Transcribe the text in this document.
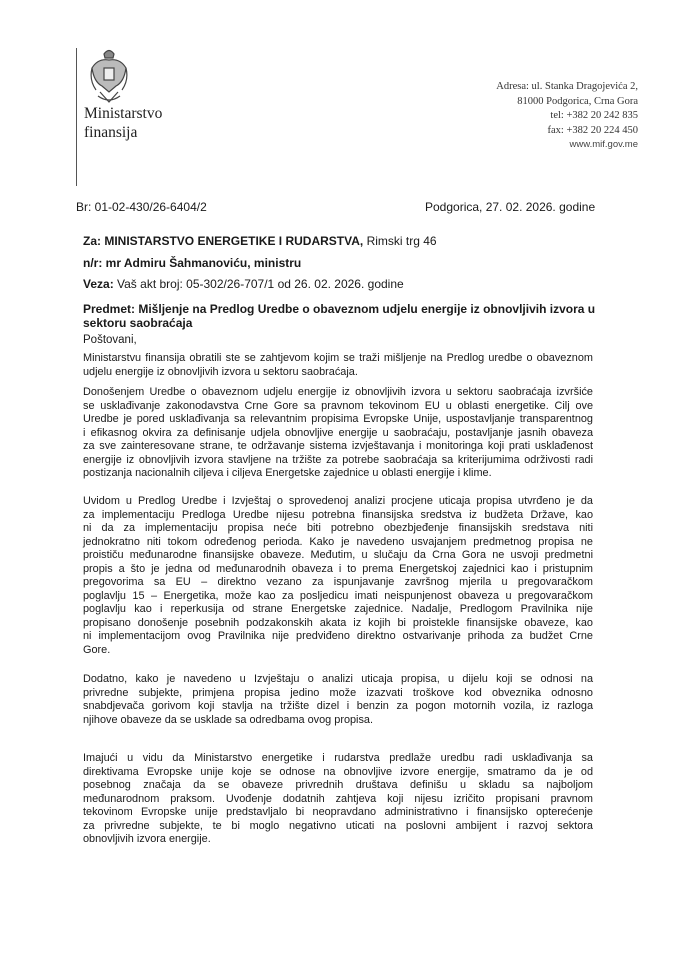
Ministarstvo
finansija
Adresa: ul. Stanka Dragojevića 2,
81000 Podgorica, Crna Gora
tel: +382 20 242 835
fax: +382 20 224 450
www.mif.gov.me
Br: 01-02-430/26-6404/2	Podgorica, 27. 02. 2026. godine
Za: MINISTARSTVO ENERGETIKE I RUDARSTVA, Rimski trg 46
n/r: mr Admiru Šahmanoviću, ministru
Veza: Vaš akt broj: 05-302/26-707/1 od 26. 02. 2026. godine
Predmet: Mišljenje na Predlog Uredbe o obaveznom udjelu energije iz obnovljivih izvora u
sektoru saobraćaja
Poštovani,
Ministarstvu finansija obratili ste se zahtjevom kojim se traži mišljenje na Predlog uredbe o obaveznom
udjelu energije iz obnovljivih izvora u sektoru saobraćaja.
Donošenjem Uredbe o obaveznom udjelu energije iz obnovljivih izvora u sektoru saobraćaja izvršiće
se usklađivanje zakonodavstva Crne Gore sa pravnom tekovinom EU u oblasti energetike. Cilj ove
Uredbe je pored usklađivanja sa relevantnim propisima Evropske Unije, uspostavljanje transparentnog
i efikasnog okvira za definisanje udjela obnovljive energije u saobraćaju, postavljanje jasnih obaveza
za sve zainteresovane strane, te održavanje sistema izvještavanja i monitoringa koji prati usklađenost
energije iz obnovljivih izvora stavljene na tržište za potrebe saobraćaja sa kriterijumima održivosti radi
postizanja nacionalnih ciljeva i ciljeva Energetske zajednice u oblasti energije i klime.
Uvidom u Predlog Uredbe i Izvještaj o sprovedenoj analizi procjene uticaja propisa utvrđeno je da
za implementaciju Predloga Uredbe nijesu potrebna finansijska sredstva iz budžeta Države, kao
ni da za implementaciju propisa neće biti potrebno obezbjeđenje finansijskih sredstava niti
jednokratno niti tokom određenog perioda. Kako je navedeno usvajanjem predmetnog propisa ne
proističu međunarodne finansijske obaveze. Međutim, u slučaju da Crna Gora ne usvoji predmetni
propis a što je jedna od međunarodnih obaveza i to prema Energetskoj zajednici kao i pristupnim
pregovorima sa EU – direktno vezano za ispunjavanje završnog mjerila u pregovaračkom
poglavlju 15 – Energetika, može kao za posljedicu imati neispunjenost obaveza u pregovaračkom
poglavlju kao i reperkusija od strane Energetske zajednice. Nadalje, Predlogom Pravilnika nije
propisano donošenje posebnih podzakonskih akata iz kojih bi proistekle finansijske obaveze, kao
ni implementacijom ovog Pravilnika nije predviđeno direktno ostvarivanje prihoda za budžet Crne
Gore.
Dodatno, kako je navedeno u Izvještaju o analizi uticaja propisa, u dijelu koji se odnosi na
privredne subjekte, primjena propisa jedino može izazvati troškove kod obveznika odnosno
snabdjevača gorivom koji stavlja na tržište dizel i benzin za pogon motornih vozila, iz razloga
njihove obaveze da se usklade sa odredbama ovog propisa.
Imajući u vidu da Ministarstvo energetike i rudarstva predlaže uredbu radi usklađivanja sa
direktivama Evropske unije koje se odnose na obnovljive izvore energije, smatramo da je od
posebnog značaja da se obaveze privrednih društava definišu u skladu sa najboljom
međunarodnom praksom. Uvođenje dodatnih zahtjeva koji nijesu izričito propisani pravnom
tekovinom Evropske unije predstavljalo bi neopravdano administrativno i finansijsko opterećenje
za privredne subjekte, te bi moglo negativno uticati na poslovni ambijent i razvoj sektora
obnovljivih izvora energije.
